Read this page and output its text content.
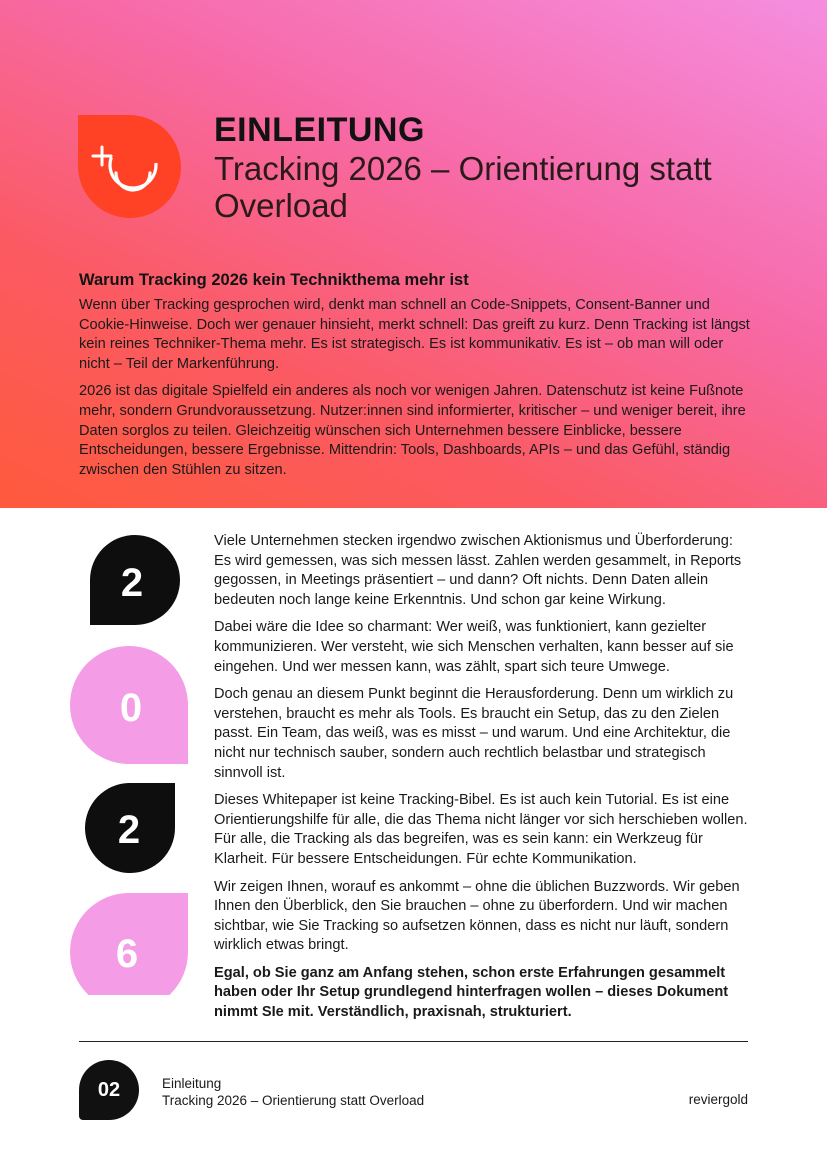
EINLEITUNG
Tracking 2026 – Orientierung statt
Overload
Warum Tracking 2026 kein Technikthema mehr ist

Wenn über Tracking gesprochen wird, denkt man schnell an Code-Snippets, Consent-Banner und Cookie-Hinweise. Doch wer genauer hinsieht, merkt schnell: Das greift zu kurz. Denn Tracking ist längst kein reines Techniker-Thema mehr. Es ist strategisch. Es ist kommunikativ. Es ist – ob man will oder nicht – Teil der Markenführung.

2026 ist das digitale Spielfeld ein anderes als noch vor wenigen Jahren. Datenschutz ist keine Fußnote mehr, sondern Grundvoraussetzung. Nutzer:innen sind informierter, kritischer – und weniger bereit, ihre Daten sorglos zu teilen. Gleichzeitig wünschen sich Unternehmen bessere Einblicke, bessere Entscheidungen, bessere Ergebnisse. Mittendrin: Tools, Dashboards, APIs – und das Gefühl, ständig zwischen den Stühlen zu sitzen.

2
0
2
6

Viele Unternehmen stecken irgendwo zwischen Aktionismus und Überforderung: Es wird gemessen, was sich messen lässt. Zahlen werden gesammelt, in Reports gegossen, in Meetings präsentiert – und dann? Oft nichts. Denn Daten allein bedeuten noch lange keine Erkenntnis. Und schon gar keine Wirkung.

Dabei wäre die Idee so charmant: Wer weiß, was funktioniert, kann gezielter kommunizieren. Wer versteht, wie sich Menschen verhalten, kann besser auf sie eingehen. Und wer messen kann, was zählt, spart sich teure Umwege.

Doch genau an diesem Punkt beginnt die Herausforderung. Denn um wirklich zu verstehen, braucht es mehr als Tools. Es braucht ein Setup, das zu den Zielen passt. Ein Team, das weiß, was es misst – und warum. Und eine Architektur, die nicht nur technisch sauber, sondern auch rechtlich belastbar und strategisch sinnvoll ist.

Dieses Whitepaper ist keine Tracking-Bibel. Es ist auch kein Tutorial. Es ist eine Orientierungshilfe für alle, die das Thema nicht länger vor sich herschieben wollen. Für alle, die Tracking als das begreifen, was es sein kann: ein Werkzeug für Klarheit. Für bessere Entscheidungen. Für echte Kommunikation.

Wir zeigen Ihnen, worauf es ankommt – ohne die üblichen Buzzwords. Wir geben Ihnen den Überblick, den Sie brauchen – ohne zu überfordern. Und wir machen sichtbar, wie Sie Tracking so aufsetzen können, dass es nicht nur läuft, sondern wirklich etwas bringt.

Egal, ob Sie ganz am Anfang stehen, schon erste Erfahrungen gesammelt haben oder Ihr Setup grundlegend hinterfragen wollen – dieses Dokument nimmt SIe mit. Verständlich, praxisnah, strukturiert.

02	Einleitung
Tracking 2026 – Orientierung statt Overload	reviergold
